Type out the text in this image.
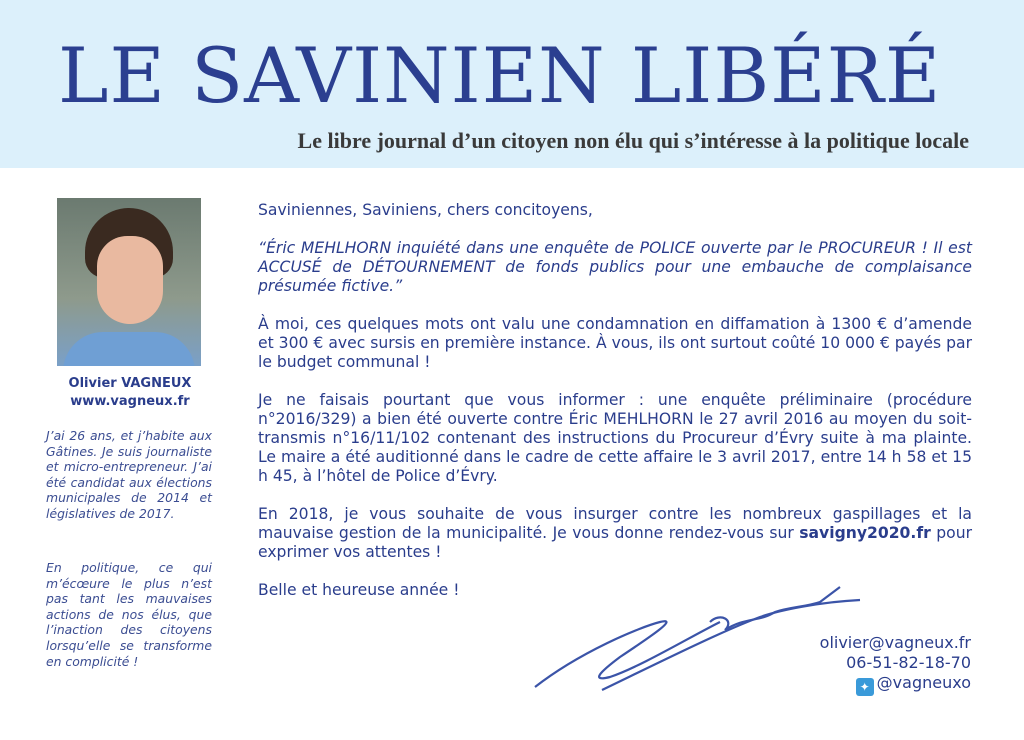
LE SAVINIEN LIBÉRÉ
Le libre journal d’un citoyen non élu qui s’intéresse à la politique locale
Olivier VAGNEUX
www.vagneux.fr
J’ai 26 ans, et j’habite aux Gâtines. Je suis journaliste et micro-entrepreneur. J’ai été candidat aux élections municipales de 2014 et législatives de 2017.
En politique, ce qui m’écœure le plus n’est pas tant les mauvaises actions de nos élus, que l’inaction des citoyens lorsqu’elle se transforme en complicité !

Saviniennes, Saviniens, chers concitoyens,

“Éric MEHLHORN inquiété dans une enquête de POLICE ouverte par le PROCUREUR ! Il est ACCUSÉ de DÉTOURNEMENT de fonds publics pour une embauche de complaisance présumée fictive.”

À moi, ces quelques mots ont valu une condamnation en diffamation à 1300 € d’amende et 300 € avec sursis en première instance. À vous, ils ont surtout coûté 10 000 € payés par le budget communal !

Je ne faisais pourtant que vous informer : une enquête préliminaire (procédure n°2016/329) a bien été ouverte contre Éric MEHLHORN le 27 avril 2016 au moyen du soit-transmis n°16/11/102 contenant des instructions du Procureur d’Évry suite à ma plainte. Le maire a été auditionné dans le cadre de cette affaire le 3 avril 2017, entre 14 h 58 et 15 h 45, à l’hôtel de Police d’Évry.

En 2018, je vous souhaite de vous insurger contre les nombreux gaspillages et la mauvaise gestion de la municipalité. Je vous donne rendez-vous sur savigny2020.fr pour exprimer vos attentes !

Belle et heureuse année !

olivier@vagneux.fr
06-51-82-18-70
✦ @vagneuxo
